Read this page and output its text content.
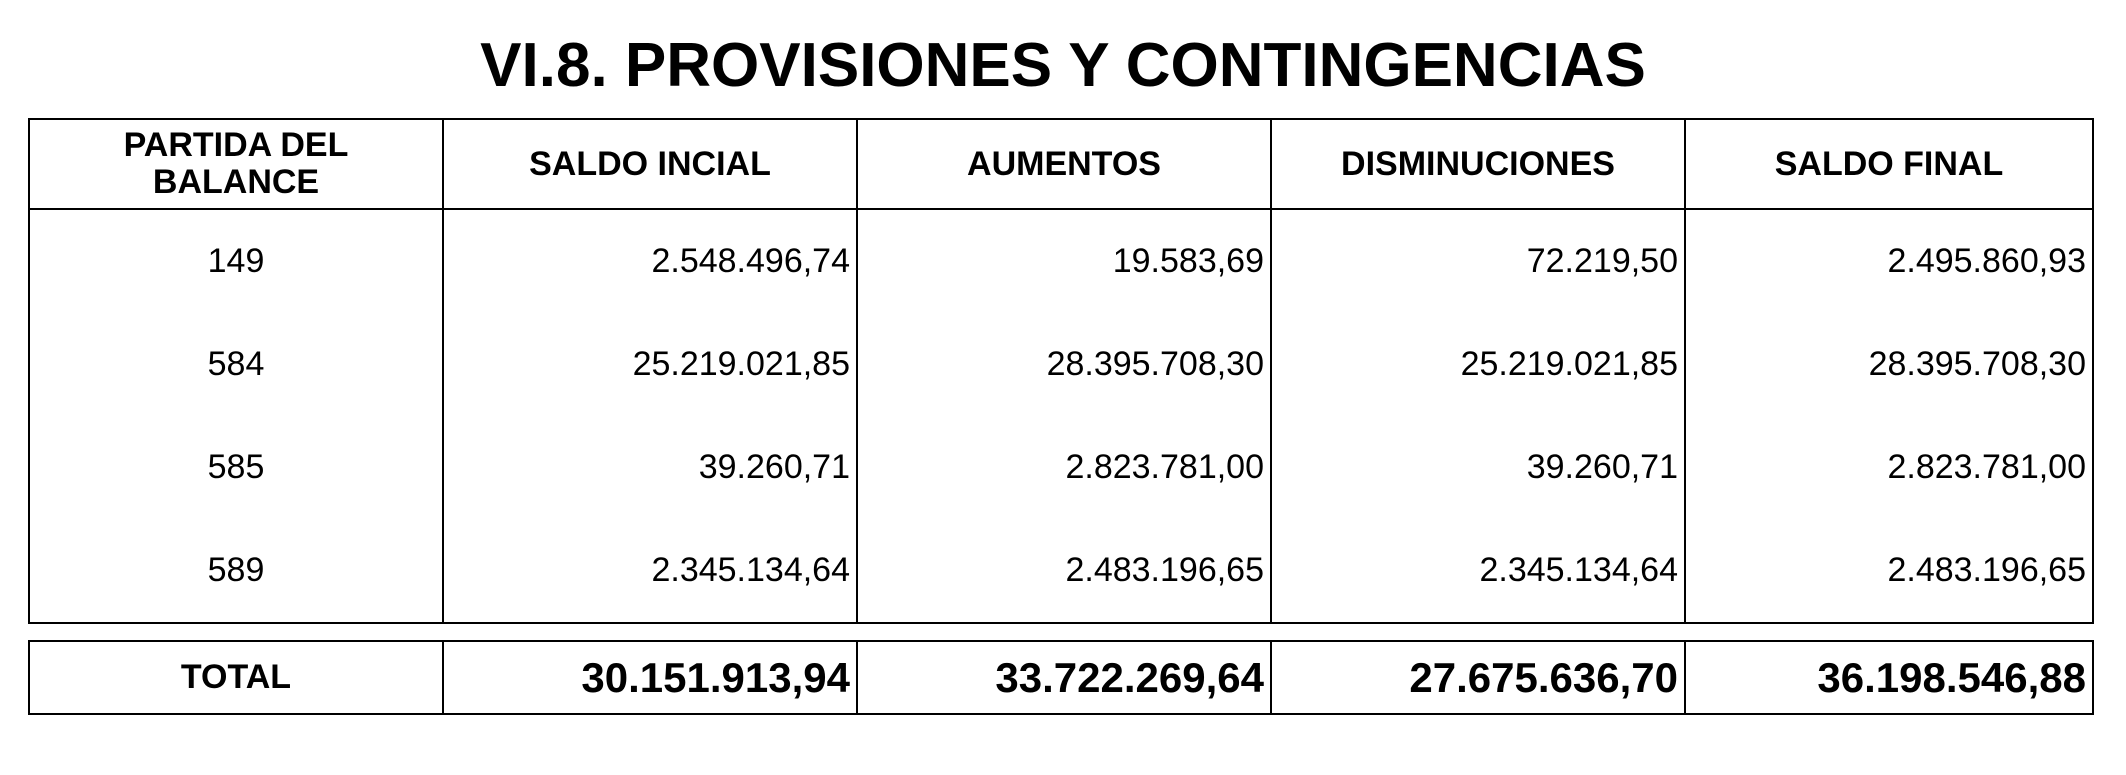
VI.8. PROVISIONES Y CONTINGENCIAS
PARTIDA DEL BALANCE	SALDO INCIAL	AUMENTOS	DISMINUCIONES	SALDO FINAL
149	2.548.496,74	19.583,69	72.219,50	2.495.860,93
584	25.219.021,85	28.395.708,30	25.219.021,85	28.395.708,30
585	39.260,71	2.823.781,00	39.260,71	2.823.781,00
589	2.345.134,64	2.483.196,65	2.345.134,64	2.483.196,65
TOTAL	30.151.913,94	33.722.269,64	27.675.636,70	36.198.546,88
